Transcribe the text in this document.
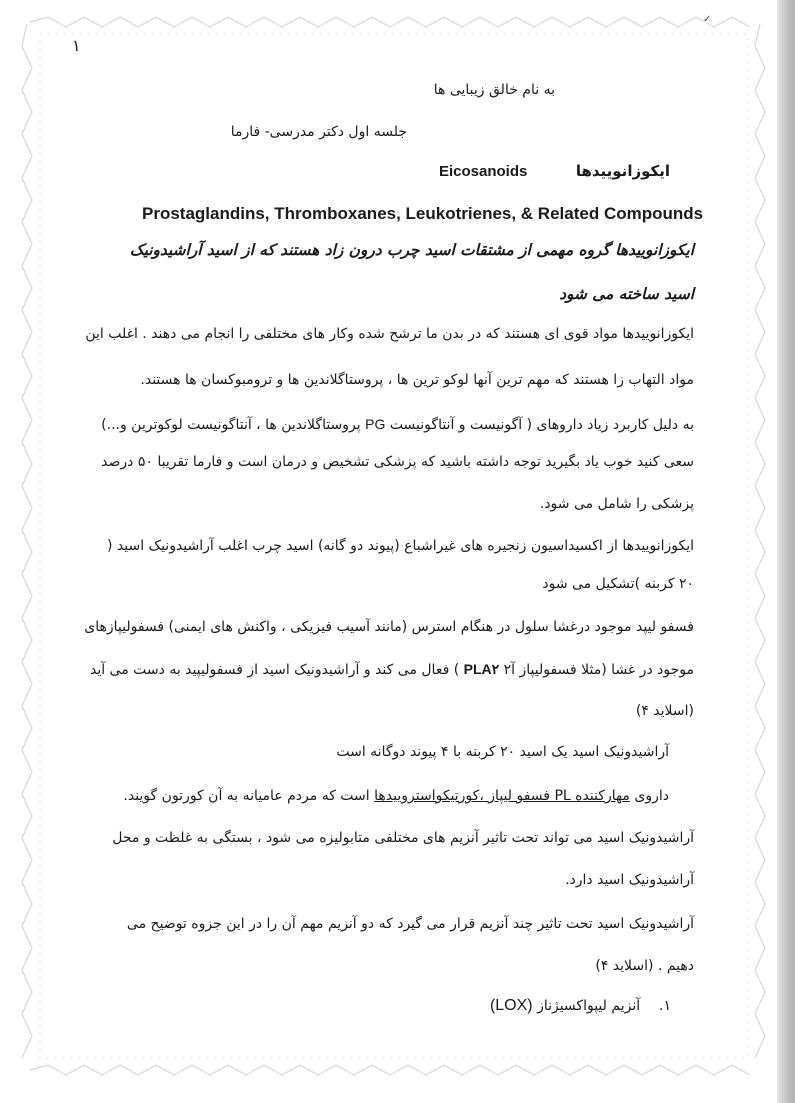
✓
۱
به نام خالق زیبایی ها
جلسه اول دکتر مدرسی- فارما
ایکوزانوییدها  Eicosanoids
Prostaglandins, Thromboxanes, Leukotrienes, & Related Compounds
ایکوزانوییدها گروه مهمی از مشتقات اسید چرب درون زاد هستند که از اسید آراشیدونیک
اسید ساخته می شود
ایکوزانوییدها مواد قوی ای هستند که در بدن ما ترشح شده وکار های مختلفی را انجام می دهند . اغلب این
مواد التهاب زا هستند که مهم ترین آنها لوکو ترین ها ، پروستاگلاندین ها و ترومبوکسان ها هستند.
به دلیل کاربرد زیاد داروهای ( آگونیست و آنتاگونیست PG پروستاگلاندین ها ، آنتاگونیست لوکوترین و...)
سعی کنید خوب یاد بگیرید توجه داشته باشید که پزشکی تشخیص و درمان است و فارما تقریبا ۵۰ درصد
پزشکی را شامل می شود.
ایکوزانوییدها از اکسیداسیون زنجیره های غیراشباع (پیوند دو گانه) اسید چرب اغلب آراشیدونیک اسید (
۲۰ کربنه )تشکیل می شود
فسفو لیپد موجود درغشا سلول در هنگام استرس (مانند آسیب فیزیکی ، واکنش های ایمنی) فسفولیپازهای
موجود در غشا (مثلا فسفولیپاز آ۲ PLA۲ ) فعال می کند و آراشیدونیک اسید از فسفولیپید به دست می آید
(اسلاید ۴)
آراشیدونیک اسید یک اسید ۲۰ کربنه با ۴ پیوند دوگانه است
داروی مهارکننده PL فسفو لیپاز ،کورتیکواستروییدها است که مردم عامیانه به آن کورتون گویند.
آراشیدونیک اسید می تواند تحت تاثیر آنزیم های مختلفی متابولیزه می شود ، بستگی به غلظت و محل
آراشیدونیک اسید دارد.
آراشیدونیک اسید تحت تاثیر چند آنزیم قرار می گیرد که دو آنزیم مهم آن را در این جزوه توضیح می
دهیم . (اسلاید ۴)
۱.  آنزیم لیپواکسیژناز (LOX)
